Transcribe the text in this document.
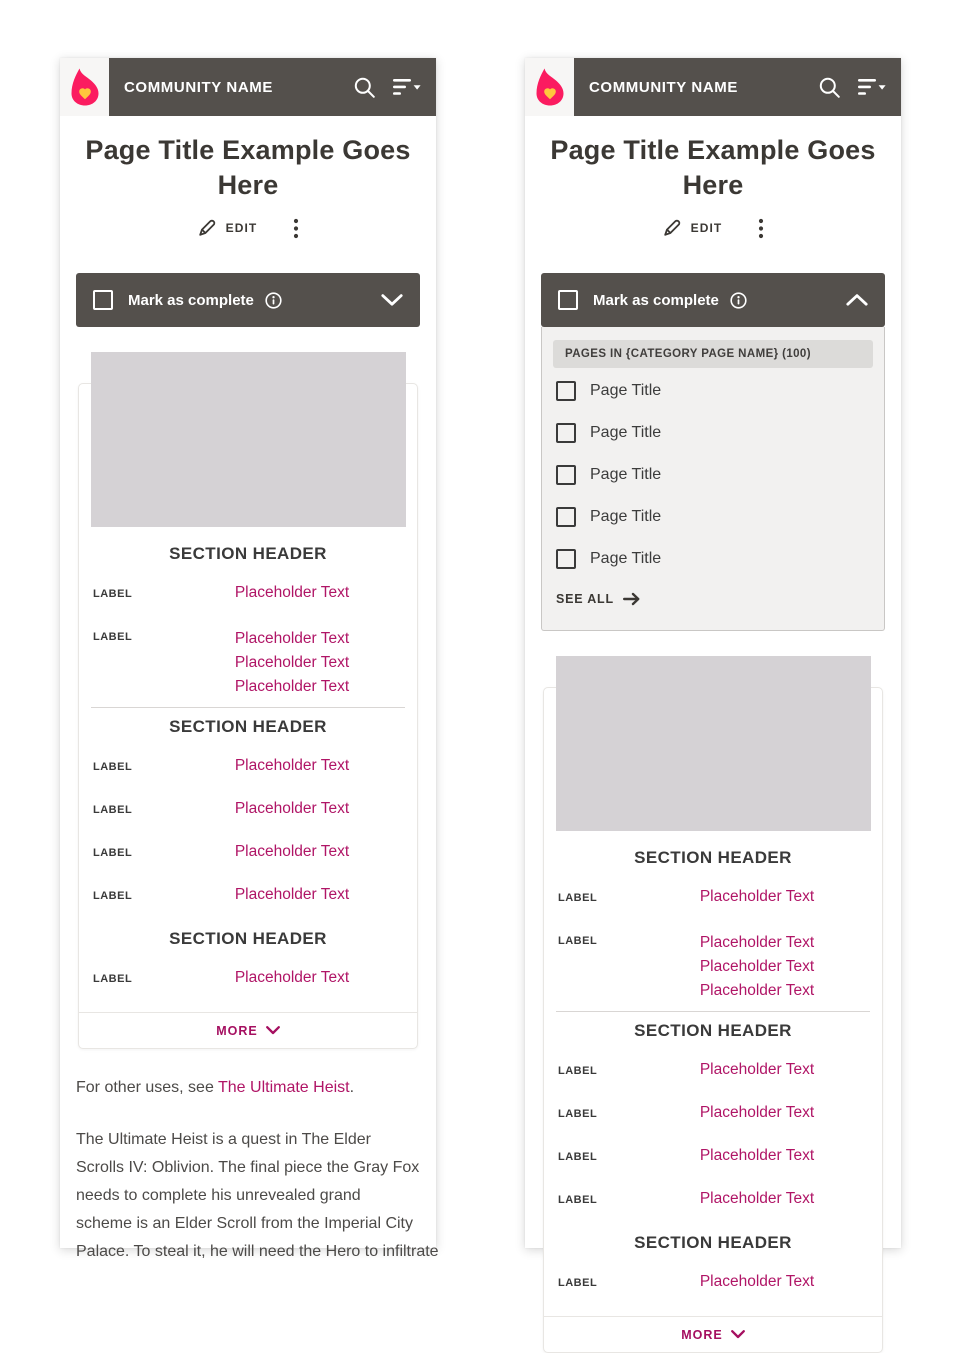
COMMUNITY NAME
Page Title Example Goes
Here
EDIT
Mark as complete
SECTION HEADER
LABEL	Placeholder Text
LABEL	Placeholder Text
Placeholder Text
Placeholder Text
SECTION HEADER
LABEL	Placeholder Text
LABEL	Placeholder Text
LABEL	Placeholder Text
LABEL	Placeholder Text
SECTION HEADER
LABEL	Placeholder Text
MORE

For other uses, see The Ultimate Heist.

The Ultimate Heist is a quest in The Elder
Scrolls IV: Oblivion. The final piece the Gray Fox
needs to complete his unrevealed grand
scheme is an Elder Scroll from the Imperial City
Palace. To steal it, he will need the Hero to infiltrate

COMMUNITY NAME
Page Title Example Goes
Here
EDIT
Mark as complete
PAGES IN {CATEGORY PAGE NAME} (100)
Page Title
Page Title
Page Title
Page Title
Page Title
SEE ALL
SECTION HEADER
LABEL	Placeholder Text
LABEL	Placeholder Text
Placeholder Text
Placeholder Text
SECTION HEADER
LABEL	Placeholder Text
LABEL	Placeholder Text
LABEL	Placeholder Text
LABEL	Placeholder Text
SECTION HEADER
LABEL	Placeholder Text
MORE
